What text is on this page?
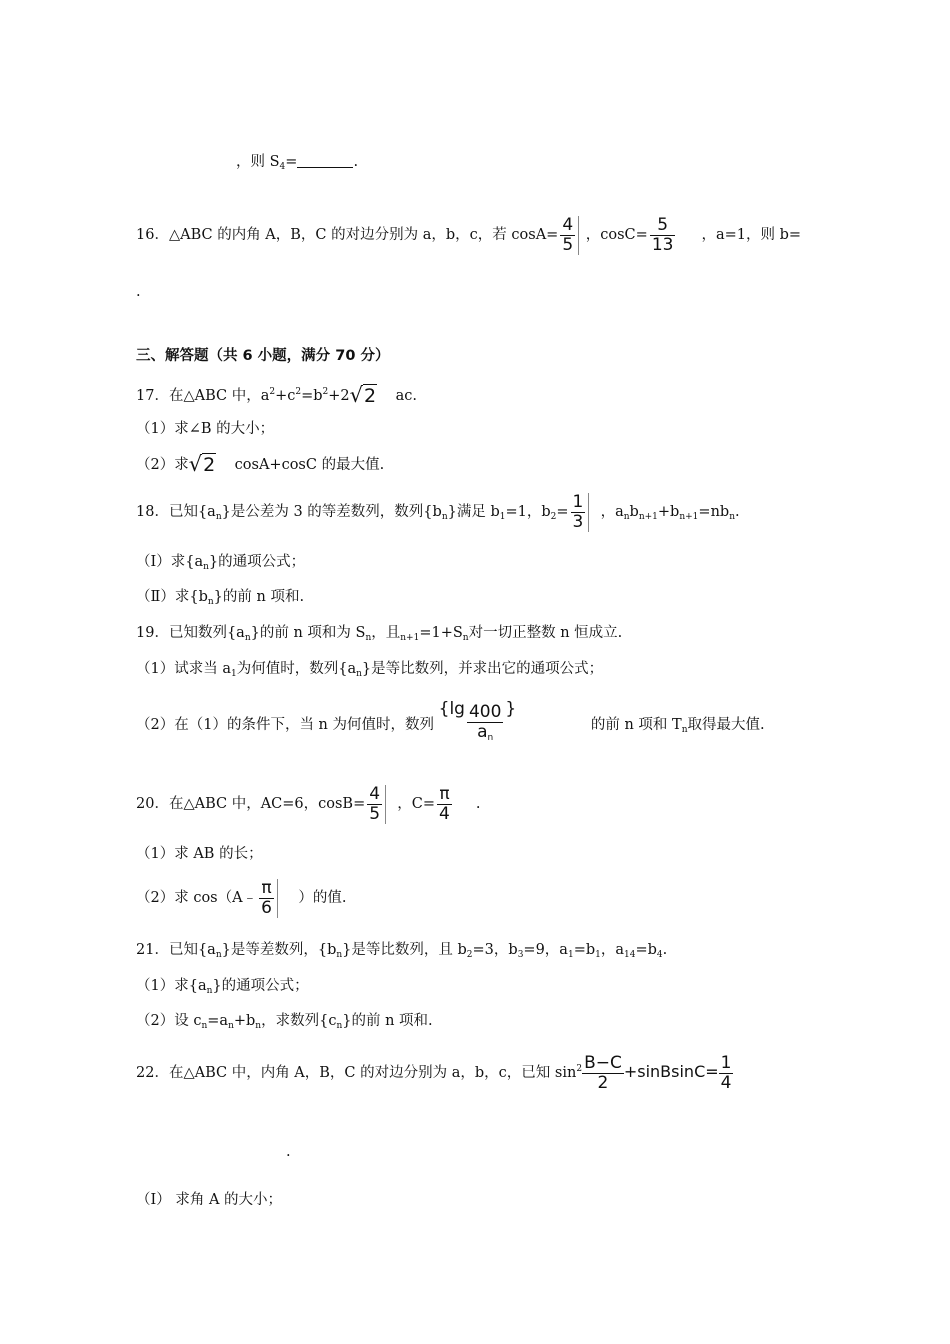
，则 $S_4=$	.
16．△ABC 的内角 A，B，C 的对边分别为 a，b，c，若 $\cos A= \frac{4}{5}$ ，$\cos C= \frac{5}{13}$ ，a=1，则 b=
.
三、解答题（共 6 小题，满分 70 分）
17．在△ABC 中，$a^2+c^2=b^2+2√2$ ac.
（1）求∠B 的大小；
（2）求√2 cosA+cosC 的最大值.
18．已知$\{a_n\}$是公差为 3 的等差数列，数列$\{b_n\}$满足 $b_1=1$，$b_2= \frac{1}{3}$ ，$a_nb_{n+1}+b_{n+1}=nb_n$.
（Ⅰ）求$\{a_n\}$的通项公式；
（Ⅱ）求$\{b_n\}$的前 n 项和.
19．已知数列$\{a_n\}$的前 n 项和为 $S_n$，且$_{n+1}=1+S_n$对一切正整数 n 恒成立.
（1）试求当 $a_1$为何值时，数列$\{a_n\}$是等比数列，并求出它的通项公式；
（2）在（1）的条件下，当 n 为何值时，数列 {$\lg \frac{400}{a_n}$ } 的前 n 项和 $T_n$取得最大值.
20．在△ABC 中，AC=6，$\cos B= \frac{4}{5}$ ，$C= \frac{\pi}{4}$ .
（1）求 AB 的长；
（2）求 cos（A﹣ $\frac{\pi}{6}$ ）的值.
21．已知$\{a_n\}$是等差数列，$\{b_n\}$是等比数列，且 $b_2=3$，$b_3=9$，$a_1=b_1$，$a_{14}=b_4$.
（1）求$\{a_n\}$的通项公式；
（2）设 $c_n=a_n+b_n$，求数列$\{c_n\}$的前 n 项和.
22．在△ABC 中，内角 A，B，C 的对边分别为 a，b，c，已知 $\sin^2 \frac{B-C}{2}$ +sinBsinC= $\frac{1}{4}$
.
（Ⅰ） 求角 A 的大小；
